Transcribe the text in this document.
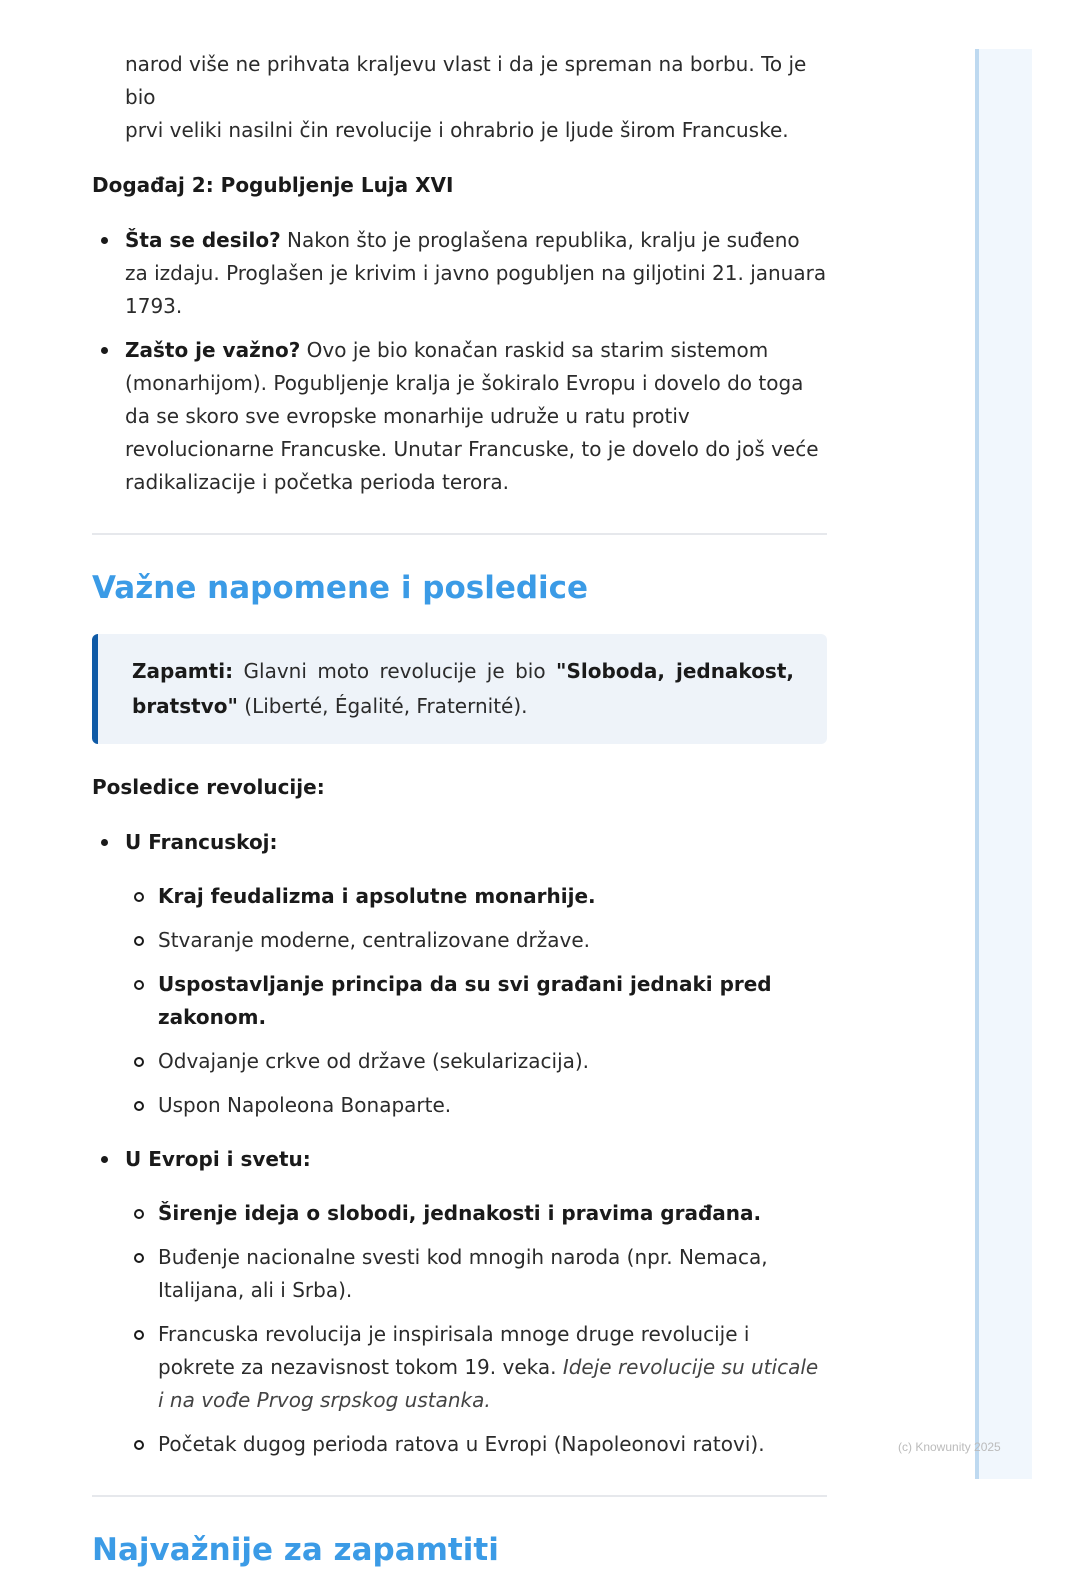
narod više ne prihvata kraljevu vlast i da je spreman na borbu. To je bio
prvi veliki nasilni čin revolucije i ohrabrio je ljude širom Francuske.

Događaj 2: Pogubljenje Luja XVI

Šta se desilo? Nakon što je proglašena republika, kralju je suđeno za izdaju. Proglašen je krivim i javno pogubljen na giljotini 21. januara 1793.
Zašto je važno? Ovo je bio konačan raskid sa starim sistemom (monarhijom). Pogubljenje kralja je šokiralo Evropu i dovelo do toga da se skoro sve evropske monarhije udruže u ratu protiv revolucionarne Francuske. Unutar Francuske, to je dovelo do još veće radikalizacije i početka perioda terora.
Važne napomene i posledice
Zapamti: Glavni moto revolucije je bio "Sloboda, jednakost, bratstvo" (Liberté, Égalité, Fraternité).

Posledice revolucije:

U Francuskoj:
Kraj feudalizma i apsolutne monarhije.
Stvaranje moderne, centralizovane države.
Uspostavljanje principa da su svi građani jednaki pred zakonom.
Odvajanje crkve od države (sekularizacija).
Uspon Napoleona Bonaparte.
U Evropi i svetu:
Širenje ideja o slobodi, jednakosti i pravima građana.
Buđenje nacionalne svesti kod mnogih naroda (npr. Nemaca, Italijana, ali i Srba).
Francuska revolucija je inspirisala mnoge druge revolucije i pokrete za nezavisnost tokom 19. veka. Ideje revolucije su uticale i na vođe Prvog srpskog ustanka.
Početak dugog perioda ratova u Evropi (Napoleonovi ratovi).
Najvažnije za zapamtiti
(c) Knowunity 2025
